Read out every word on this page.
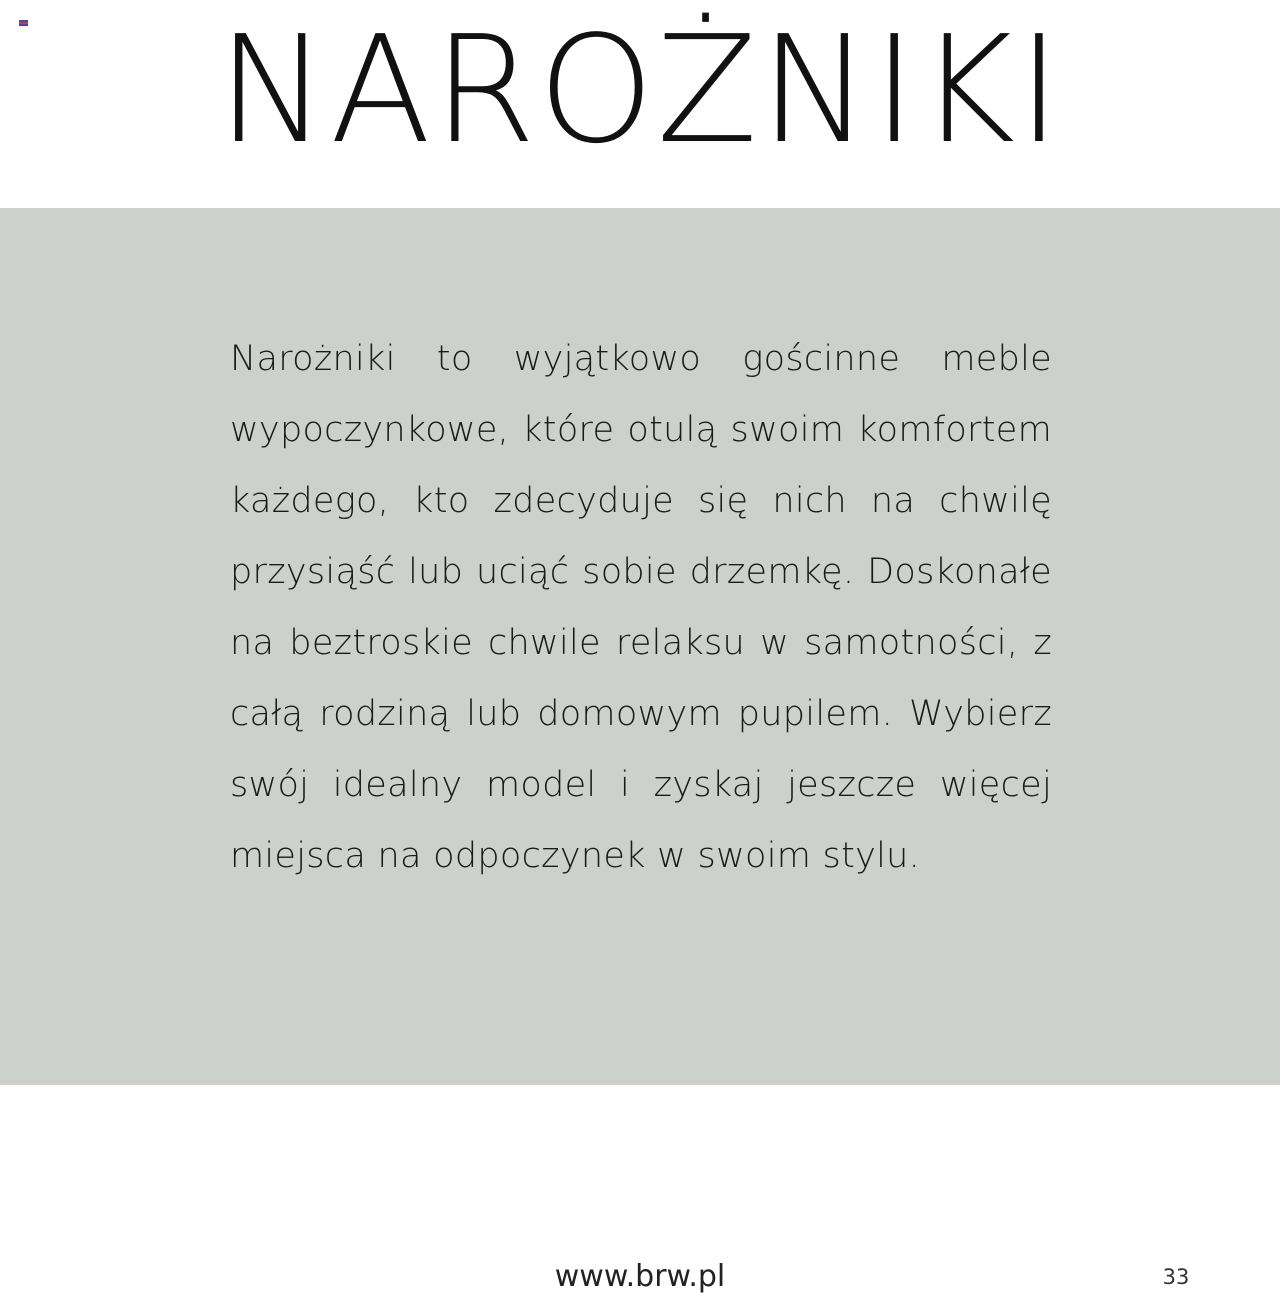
NAROŻNIKI

Narożniki to wyjątkowo gościnne meble wypoczynkowe, które otulą swoim komfortem każdego, kto zdecyduje się nich na chwilę przysiąść lub uciąć sobie drzemkę. Doskonałe na beztroskie chwile relaksu w samotności, z całą rodziną lub domowym pupilem. Wybierz swój idealny model i zyskaj jeszcze więcej miejsca na odpoczynek w swoim stylu.

www.brw.pl	33
